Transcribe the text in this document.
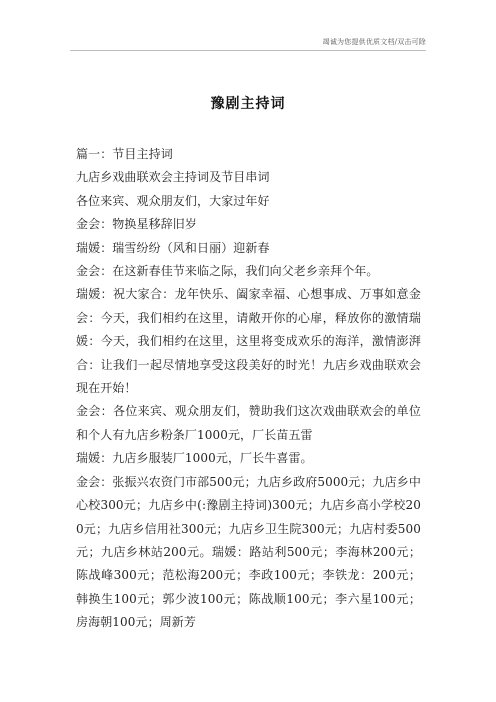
竭诚为您提供优质文档/双击可除
豫剧主持词

篇一：节目主持词

九店乡戏曲联欢会主持词及节目串词

各位来宾、观众朋友们，大家过年好

金会：物换星移辞旧岁

瑞媛：瑞雪纷纷（风和日丽）迎新春

金会：在这新春佳节来临之际，我们向父老乡亲拜个年。

瑞媛：祝大家合：龙年快乐、阖家幸福、心想事成、万事如意金会：今天，我们相约在这里，请敞开你的心扉，释放你的激情瑞媛：今天，我们相约在这里，这里将变成欢乐的海洋，激情澎湃合：让我们一起尽情地享受这段美好的时光！九店乡戏曲联欢会现在开始！

金会：各位来宾、观众朋友们，赞助我们这次戏曲联欢会的单位和个人有九店乡粉条厂1000元，厂长苗五雷

瑞媛：九店乡服装厂1000元，厂长牛喜雷。

金会：张振兴农资门市部500元；九店乡政府5000元；九店乡中心校300元；九店乡中(:豫剧主持词)300元；九店乡高小学校200元；九店乡信用社300元；九店乡卫生院300元；九店村委500元；九店乡林站200元。瑞媛：路站利500元；李海林200元；陈战峰300元；范松海200元；李政100元；李铁龙：200元；韩换生100元；郭少波100元；陈战顺100元；李六星100元；房海朝100元；周新芳
